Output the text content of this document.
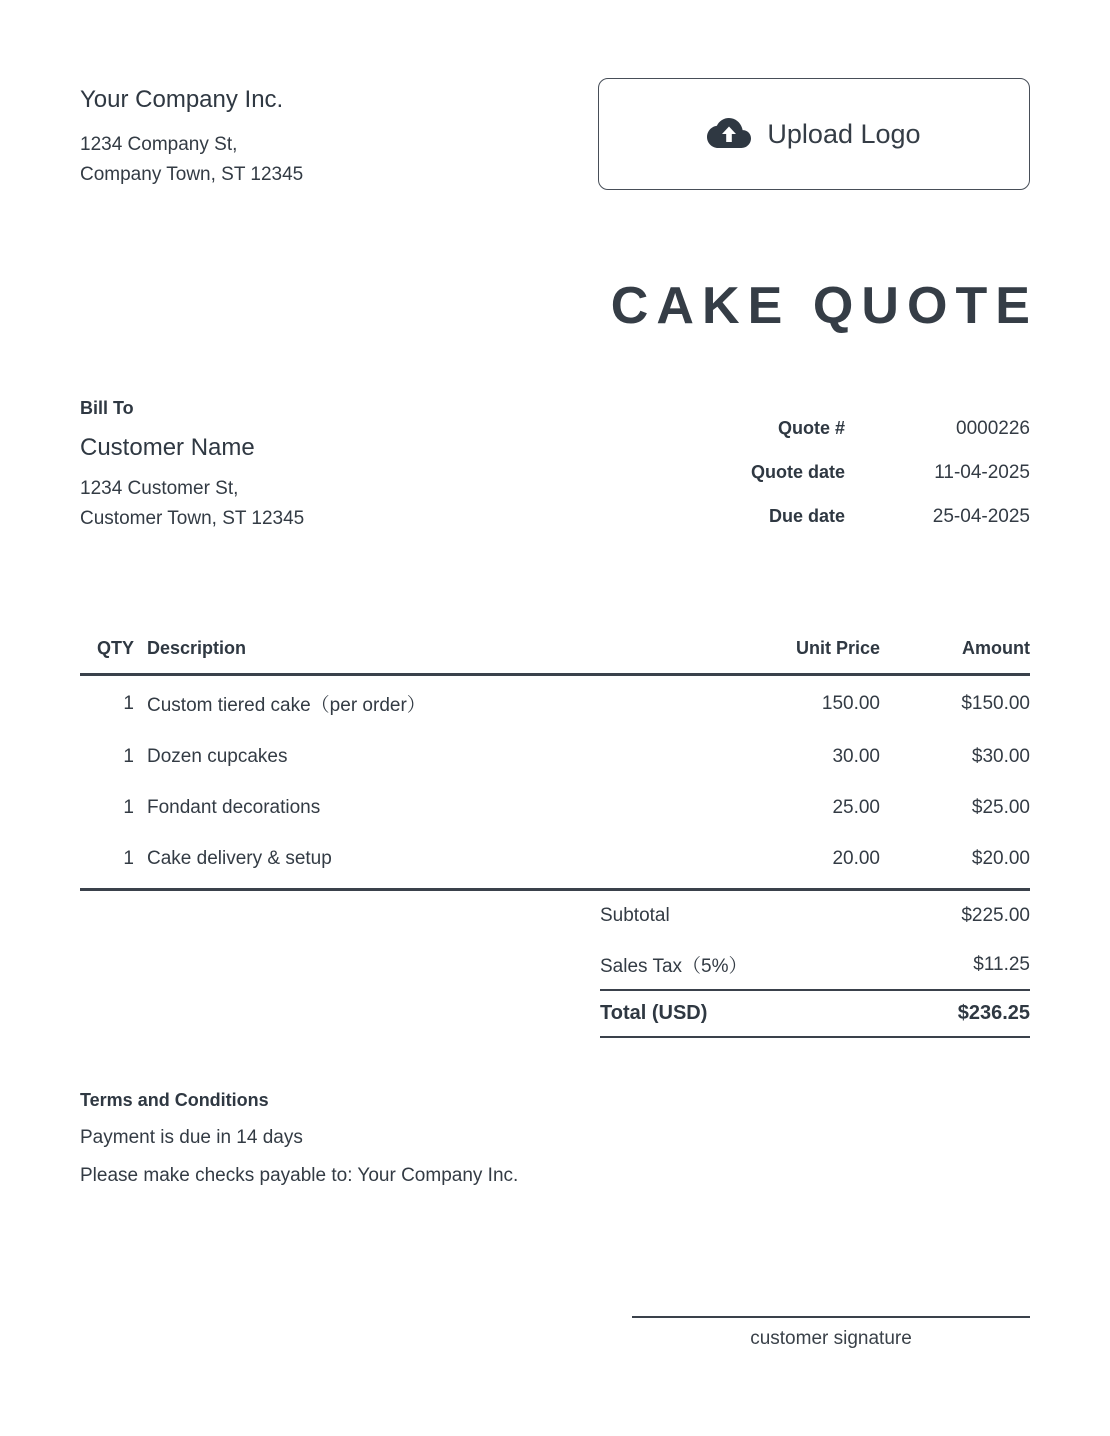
Your Company Inc.
1234 Company St,
Company Town, ST 12345
Upload Logo
CAKE QUOTE
Bill To
Customer Name
1234 Customer St,
Customer Town, ST 12345
Quote #	0000226
Quote date	11-04-2025
Due date	25-04-2025
QTY	Description	Unit Price	Amount
1	Custom tiered cake（per order）	150.00	$150.00
1	Dozen cupcakes	30.00	$30.00
1	Fondant decorations	25.00	$25.00
1	Cake delivery & setup	20.00	$20.00
Subtotal	$225.00
Sales Tax（5%）	$11.25
Total (USD)	$236.25
Terms and Conditions
Payment is due in 14 days
Please make checks payable to: Your Company Inc.
customer signature
